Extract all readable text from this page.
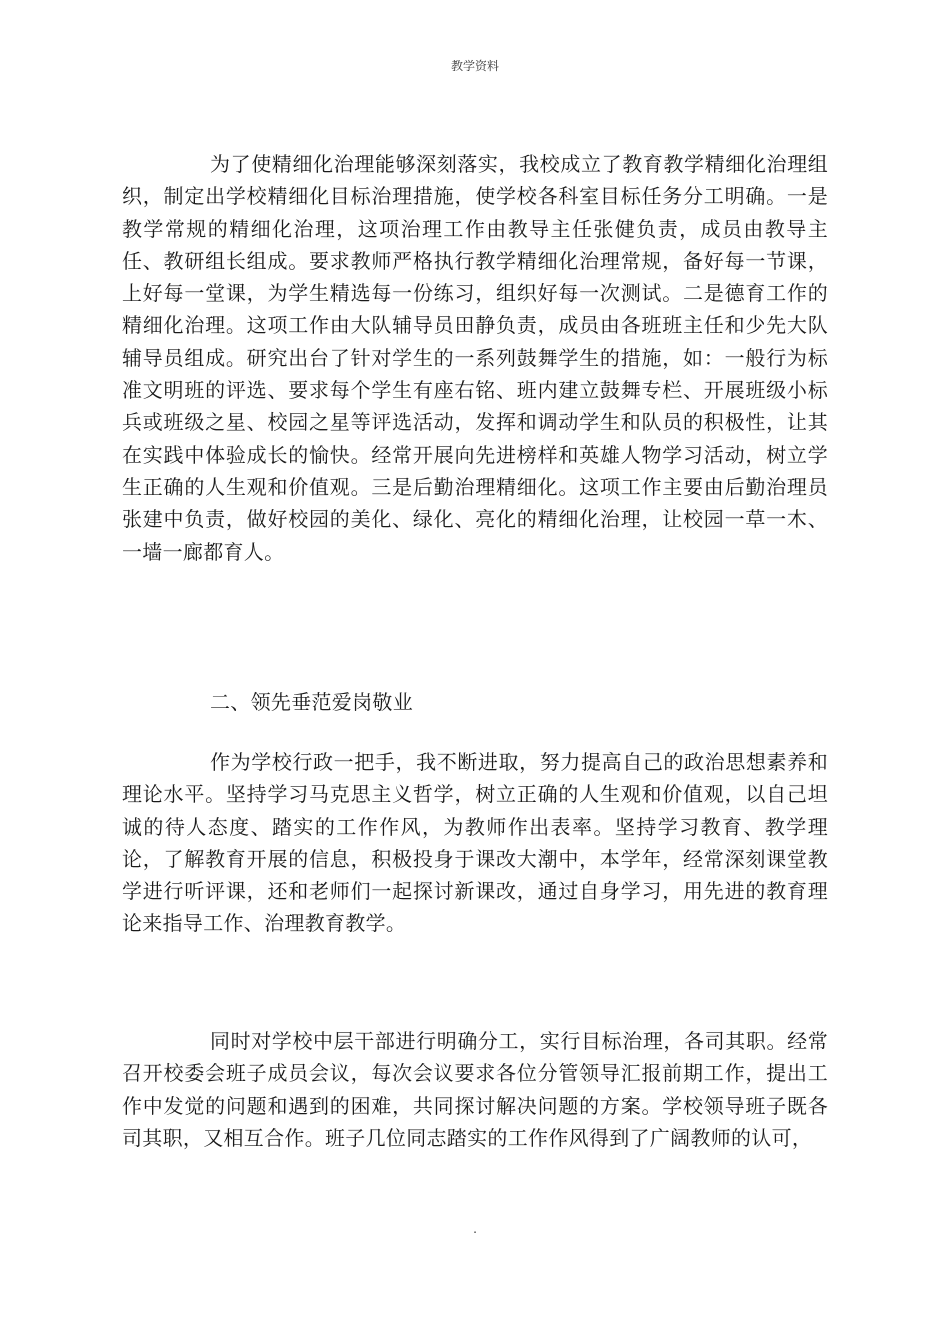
教学资料

为了使精细化治理能够深刻落实，我校成立了教育教学精细化治理组织，制定出学校精细化目标治理措施，使学校各科室目标任务分工明确。一是教学常规的精细化治理，这项治理工作由教导主任张健负责，成员由教导主任、教研组长组成。要求教师严格执行教学精细化治理常规，备好每一节课，上好每一堂课，为学生精选每一份练习，组织好每一次测试。二是德育工作的精细化治理。这项工作由大队辅导员田静负责，成员由各班班主任和少先大队辅导员组成。研究出台了针对学生的一系列鼓舞学生的措施，如：一般行为标准文明班的评选、要求每个学生有座右铭、班内建立鼓舞专栏、开展班级小标兵或班级之星、校园之星等评选活动，发挥和调动学生和队员的积极性，让其在实践中体验成长的愉快。经常开展向先进榜样和英雄人物学习活动，树立学生正确的人生观和价值观。三是后勤治理精细化。这项工作主要由后勤治理员张建中负责，做好校园的美化、绿化、亮化的精细化治理，让校园一草一木、一墙一廊都育人。

二、领先垂范爱岗敬业

作为学校行政一把手，我不断进取，努力提高自己的政治思想素养和理论水平。坚持学习马克思主义哲学，树立正确的人生观和价值观，以自己坦诚的待人态度、踏实的工作作风，为教师作出表率。坚持学习教育、教学理论，了解教育开展的信息，积极投身于课改大潮中，本学年，经常深刻课堂教学进行听评课，还和老师们一起探讨新课改，通过自身学习，用先进的教育理论来指导工作、治理教育教学。

同时对学校中层干部进行明确分工，实行目标治理，各司其职。经常召开校委会班子成员会议，每次会议要求各位分管领导汇报前期工作，提出工作中发觉的问题和遇到的困难，共同探讨解决问题的方案。学校领导班子既各司其职，又相互合作。班子几位同志踏实的工作作风得到了广阔教师的认可，

.
